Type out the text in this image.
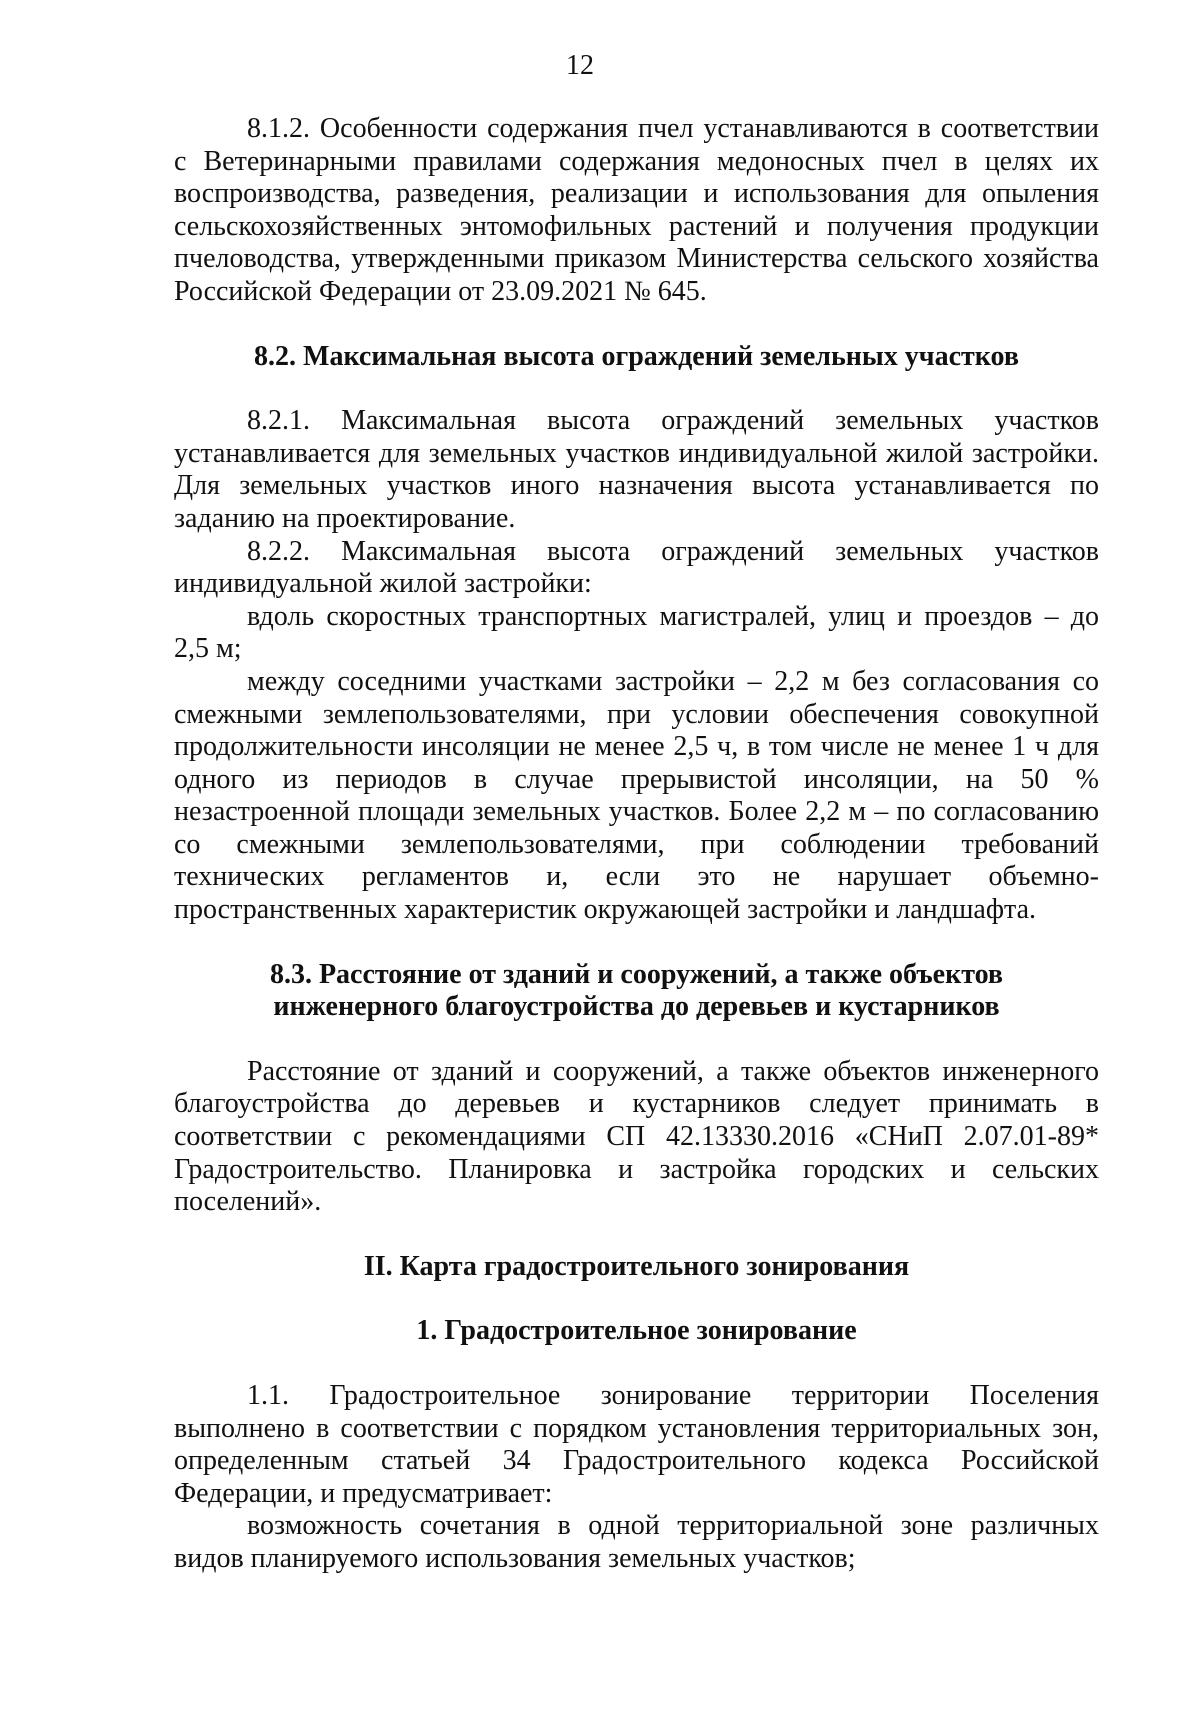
12

8.1.2. Особенности содержания пчел устанавливаются в соответствии с Ветеринарными правилами содержания медоносных пчел в целях их воспроизводства, разведения, реализации и использования для опыления сельскохозяйственных энтомофильных растений и получения продукции пчеловодства, утвержденными приказом Министерства сельского хозяйства Российской Федерации от 23.09.2021 № 645.

8.2. Максимальная высота ограждений земельных участков

8.2.1. Максимальная высота ограждений земельных участков устанавливается для земельных участков индивидуальной жилой застройки. Для земельных участков иного назначения высота устанавливается по заданию на проектирование.

8.2.2. Максимальная высота ограждений земельных участков индивидуальной жилой застройки:

вдоль скоростных транспортных магистралей, улиц и проездов – до 2,5 м;

между соседними участками застройки – 2,2 м без согласования со смежными землепользователями, при условии обеспечения совокупной продолжительности инсоляции не менее 2,5 ч, в том числе не менее 1 ч для одного из периодов в случае прерывистой инсоляции, на 50 % незастроенной площади земельных участков. Более 2,2 м – по согласованию со смежными землепользователями, при соблюдении требований технических регламентов и, если это не нарушает объемно-пространственных характеристик окружающей застройки и ландшафта.

8.3. Расстояние от зданий и сооружений, а также объектов

инженерного благоустройства до деревьев и кустарников

Расстояние от зданий и сооружений, а также объектов инженерного благоустройства до деревьев и кустарников следует принимать в соответствии с рекомендациями СП 42.13330.2016 «СНиП 2.07.01-89* Градостроительство. Планировка и застройка городских и сельских поселений».

II. Карта градостроительного зонирования

1. Градостроительное зонирование

1.1. Градостроительное зонирование территории Поселения выполнено в соответствии с порядком установления территориальных зон, определенным статьей 34 Градостроительного кодекса Российской Федерации, и предусматривает:

возможность сочетания в одной территориальной зоне различных видов планируемого использования земельных участков;
